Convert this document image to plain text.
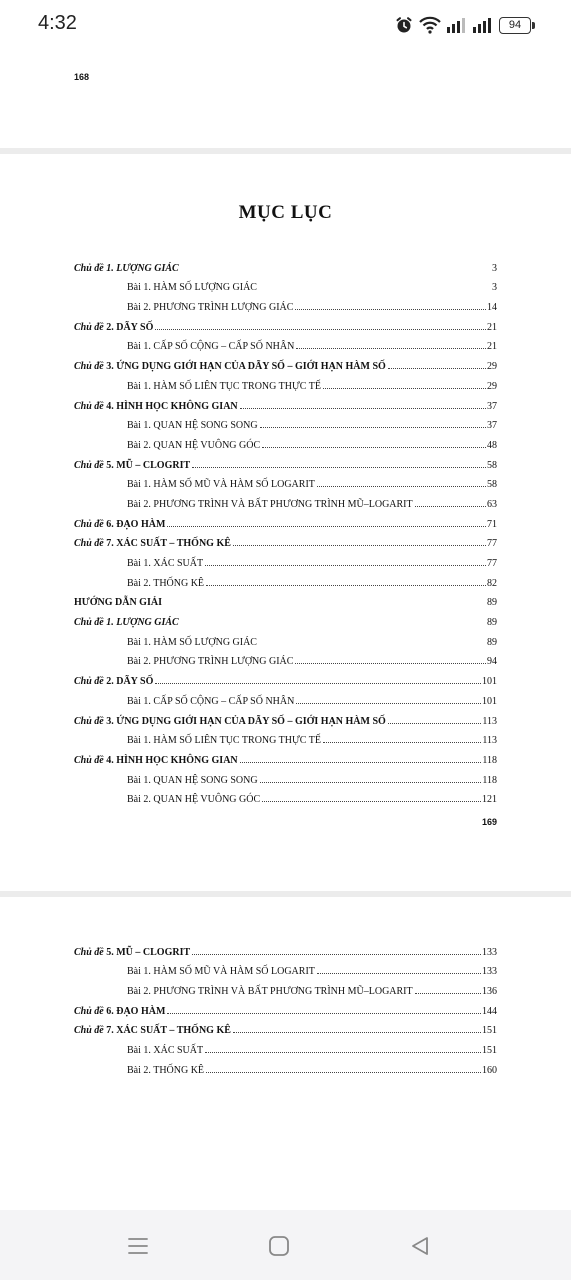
4:32	94
168
MỤC LỤC
Chủ đề 1. LƯỢNG GIÁC	3
Bài 1. HÀM SỐ LƯỢNG GIÁC	3
Bài 2. PHƯƠNG TRÌNH LƯỢNG GIÁC	14
Chủ đề 2. DÃY SỐ	21
Bài 1. CẤP SỐ CỘNG – CẤP SỐ NHÂN	21
Chủ đề 3. ỨNG DỤNG GIỚI HẠN CỦA DÃY SỐ – GIỚI HẠN HÀM SỐ	29
Bài 1. HÀM SỐ LIÊN TỤC TRONG THỰC TẾ	29
Chủ đề 4. HÌNH HỌC KHÔNG GIAN	37
Bài 1. QUAN HỆ SONG SONG	37
Bài 2. QUAN HỆ VUÔNG GÓC	48
Chủ đề 5. MŨ – CLOGRIT	58
Bài 1. HÀM SỐ MŨ VÀ HÀM SỐ LOGARIT	58
Bài 2. PHƯƠNG TRÌNH VÀ BẤT PHƯƠNG TRÌNH MŨ–LOGARIT	63
Chủ đề 6. ĐẠO HÀM	71
Chủ đề 7. XÁC SUẤT – THỐNG KÊ	77
Bài 1. XÁC SUẤT	77
Bài 2. THỐNG KÊ	82
HƯỚNG DẪN GIẢI	89
Chủ đề 1. LƯỢNG GIÁC	89
Bài 1. HÀM SỐ LƯỢNG GIÁC	89
Bài 2. PHƯƠNG TRÌNH LƯỢNG GIÁC	94
Chủ đề 2. DÃY SỐ	101
Bài 1. CẤP SỐ CỘNG – CẤP SỐ NHÂN	101
Chủ đề 3. ỨNG DỤNG GIỚI HẠN CỦA DÃY SỐ – GIỚI HẠN HÀM SỐ	113
Bài 1. HÀM SỐ LIÊN TỤC TRONG THỰC TẾ	113
Chủ đề 4. HÌNH HỌC KHÔNG GIAN	118
Bài 1. QUAN HỆ SONG SONG	118
Bài 2. QUAN HỆ VUÔNG GÓC	121
169
Chủ đề 5. MŨ – CLOGRIT	133
Bài 1. HÀM SỐ MŨ VÀ HÀM SỐ LOGARIT	133
Bài 2. PHƯƠNG TRÌNH VÀ BẤT PHƯƠNG TRÌNH MŨ–LOGARIT	136
Chủ đề 6. ĐẠO HÀM	144
Chủ đề 7. XÁC SUẤT – THỐNG KÊ	151
Bài 1. XÁC SUẤT	151
Bài 2. THỐNG KÊ	160
